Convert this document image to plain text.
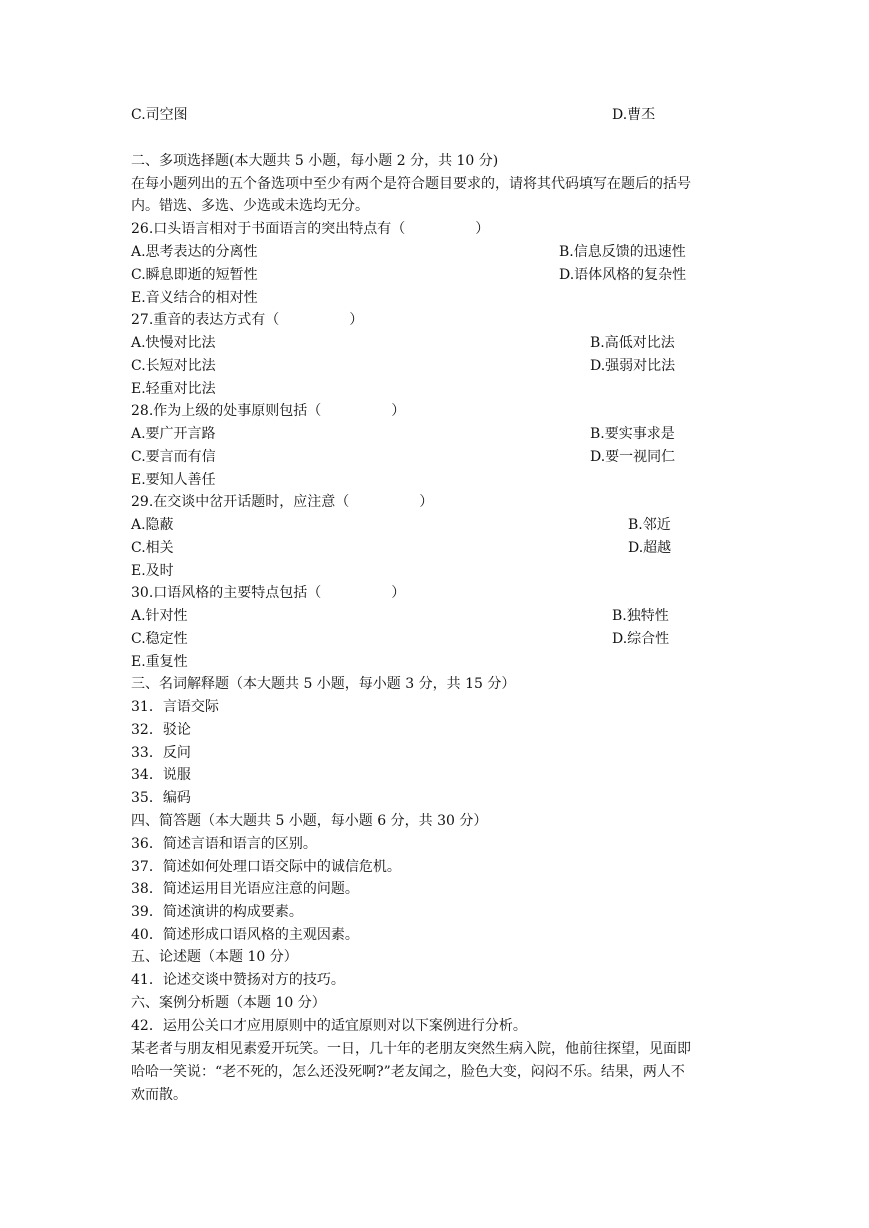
C.司空图	D.曹丕
二、多项选择题(本大题共 5 小题，每小题 2 分，共 10 分)
在每小题列出的五个备选项中至少有两个是符合题目要求的，请将其代码填写在题后的括号
内。错选、多选、少选或未选均无分。
26.口头语言相对于书面语言的突出特点有（	）
A.思考表达的分离性	B.信息反馈的迅速性
C.瞬息即逝的短暂性	D.语体风格的复杂性
E.音义结合的相对性
27.重音的表达方式有（	）
A.快慢对比法	B.高低对比法
C.长短对比法	D.强弱对比法
E.轻重对比法
28.作为上级的处事原则包括（	）
A.要广开言路	B.要实事求是
C.要言而有信	D.要一视同仁
E.要知人善任
29.在交谈中岔开话题时，应注意（	）
A.隐蔽	B.邻近
C.相关	D.超越
E.及时
30.口语风格的主要特点包括（	）
A.针对性	B.独特性
C.稳定性	D.综合性
E.重复性
三、名词解释题（本大题共 5 小题，每小题 3 分，共 15 分）
31．言语交际
32．驳论
33．反问
34．说服
35．编码
四、简答题（本大题共 5 小题，每小题 6 分，共 30 分）
36．简述言语和语言的区别。
37．简述如何处理口语交际中的诚信危机。
38．简述运用目光语应注意的问题。
39．简述演讲的构成要素。
40．简述形成口语风格的主观因素。
五、论述题（本题 10 分）
41．论述交谈中赞扬对方的技巧。
六、案例分析题（本题 10 分）
42．运用公关口才应用原则中的适宜原则对以下案例进行分析。
某老者与朋友相见素爱开玩笑。一日，几十年的老朋友突然生病入院，他前往探望，见面即
哈哈一笑说：“老不死的，怎么还没死啊?”老友闻之，脸色大变，闷闷不乐。结果，两人不
欢而散。
